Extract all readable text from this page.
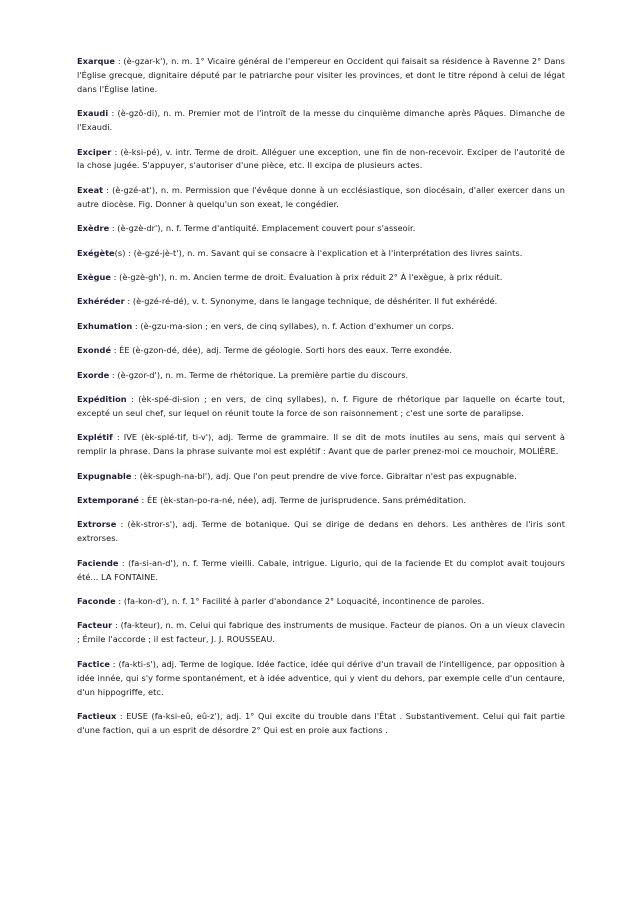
Exarque : (è-gzar-k'), n. m. 1° Vicaire général de l'empereur en Occident qui faisait sa résidence à Ravenne 2° Dans l'Église grecque, dignitaire député par le patriarche pour visiter les provinces, et dont le titre répond à celui de légat dans l'Église latine.

Exaudi : (è-gzô-di), n. m. Premier mot de l'introït de la messe du cinquième dimanche après Pâques. Dimanche de l'Exaudi.

Exciper : (è-ksi-pé), v. intr. Terme de droit. Alléguer une exception, une fin de non-recevoir. Exciper de l'autorité de la chose jugée. S'appuyer, s'autoriser d'une pièce, etc. Il excipa de plusieurs actes.

Exeat : (è-gzé-at'), n. m. Permission que l'évêque donne à un ecclésiastique, son diocésain, d'aller exercer dans un autre diocèse. Fig. Donner à quelqu'un son exeat, le congédier.

Exèdre : (è-gzè-dr'), n. f. Terme d'antiquité. Emplacement couvert pour s'asseoir.

Exégète(s) : (è-gzé-jè-t'), n. m. Savant qui se consacre à l'explication et à l'interprétation des livres saints.

Exègue : (è-gzè-gh'), n. m. Ancien terme de droit. Évaluation à prix réduit 2° À l'exègue, à prix réduit.

Exhéréder : (è-gzé-ré-dé), v. t. Synonyme, dans le langage technique, de déshériter. Il fut exhérédé.

Exhumation : (è-gzu-ma-sion ; en vers, de cinq syllabes), n. f. Action d'exhumer un corps.

Exondé : ÉE (è-gzon-dé, dée), adj. Terme de géologie. Sorti hors des eaux. Terre exondée.

Exorde : (è-gzor-d'), n. m. Terme de rhétorique. La première partie du discours.

Expédition : (èk-spé-di-sion ; en vers, de cinq syllabes), n. f. Figure de rhétorique par laquelle on écarte tout, excepté un seul chef, sur lequel on réunit toute la force de son raisonnement ; c'est une sorte de paralipse.

Explétif : IVE (èk-splé-tif, ti-v'), adj. Terme de grammaire. Il se dit de mots inutiles au sens, mais qui servent à remplir la phrase. Dans la phrase suivante moi est explétif : Avant que de parler prenez-moi ce mouchoir, MOLIÈRE.

Expugnable : (èk-spugh-na-bl'), adj. Que l'on peut prendre de vive force. Gibraltar n'est pas expugnable.

Extemporané : ÉE (èk-stan-po-ra-né, née), adj. Terme de jurisprudence. Sans préméditation.

Extrorse : (èk-stror-s'), adj. Terme de botanique. Qui se dirige de dedans en dehors. Les anthères de l'iris sont extrorses.

Faciende : (fa-si-an-d'), n. f. Terme vieilli. Cabale, intrigue. Ligurio, qui de la faciende Et du complot avait toujours été... LA FONTAINE.

Faconde : (fa-kon-d'), n. f. 1° Facilité à parler d'abondance 2° Loquacité, incontinence de paroles.

Facteur : (fa-kteur), n. m. Celui qui fabrique des instruments de musique. Facteur de pianos. On a un vieux clavecin ; Émile l'accorde ; il est facteur, J. J. ROUSSEAU.

Factice : (fa-kti-s'), adj. Terme de logique. Idée factice, idée qui dérive d'un travail de l'intelligence, par opposition à idée innée, qui s'y forme spontanément, et à idée adventice, qui y vient du dehors, par exemple celle d'un centaure, d'un hippogriffe, etc.

Factieux : EUSE (fa-ksi-eû, eû-z'), adj. 1° Qui excite du trouble dans l'État . Substantivement. Celui qui fait partie d'une faction, qui a un esprit de désordre 2° Qui est en proie aux factions .
